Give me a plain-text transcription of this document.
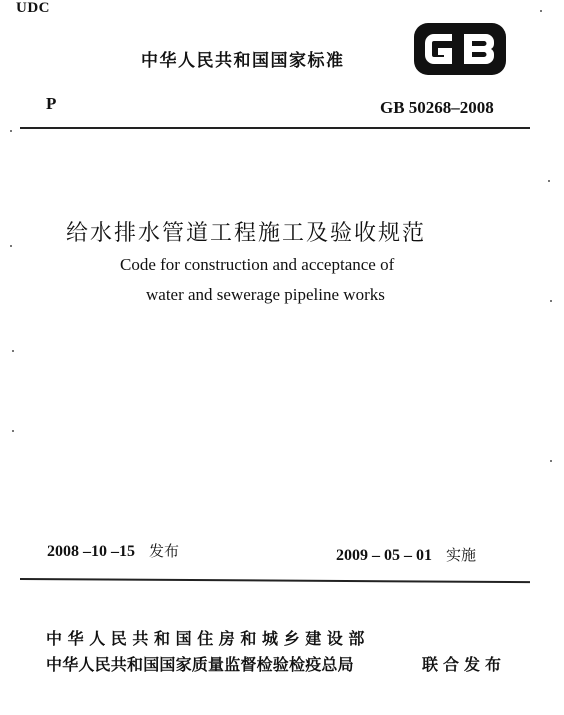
UDC
中华人民共和国国家标准
P	GB 50268–2008
给水排水管道工程施工及验收规范
Code for construction and acceptance of
water and sewerage pipeline works
2008 –10 –15 发布	2009 – 05 – 01 实施
中华人民共和国住房和城乡建设部
中华人民共和国国家质量监督检验检疫总局	联合发布
